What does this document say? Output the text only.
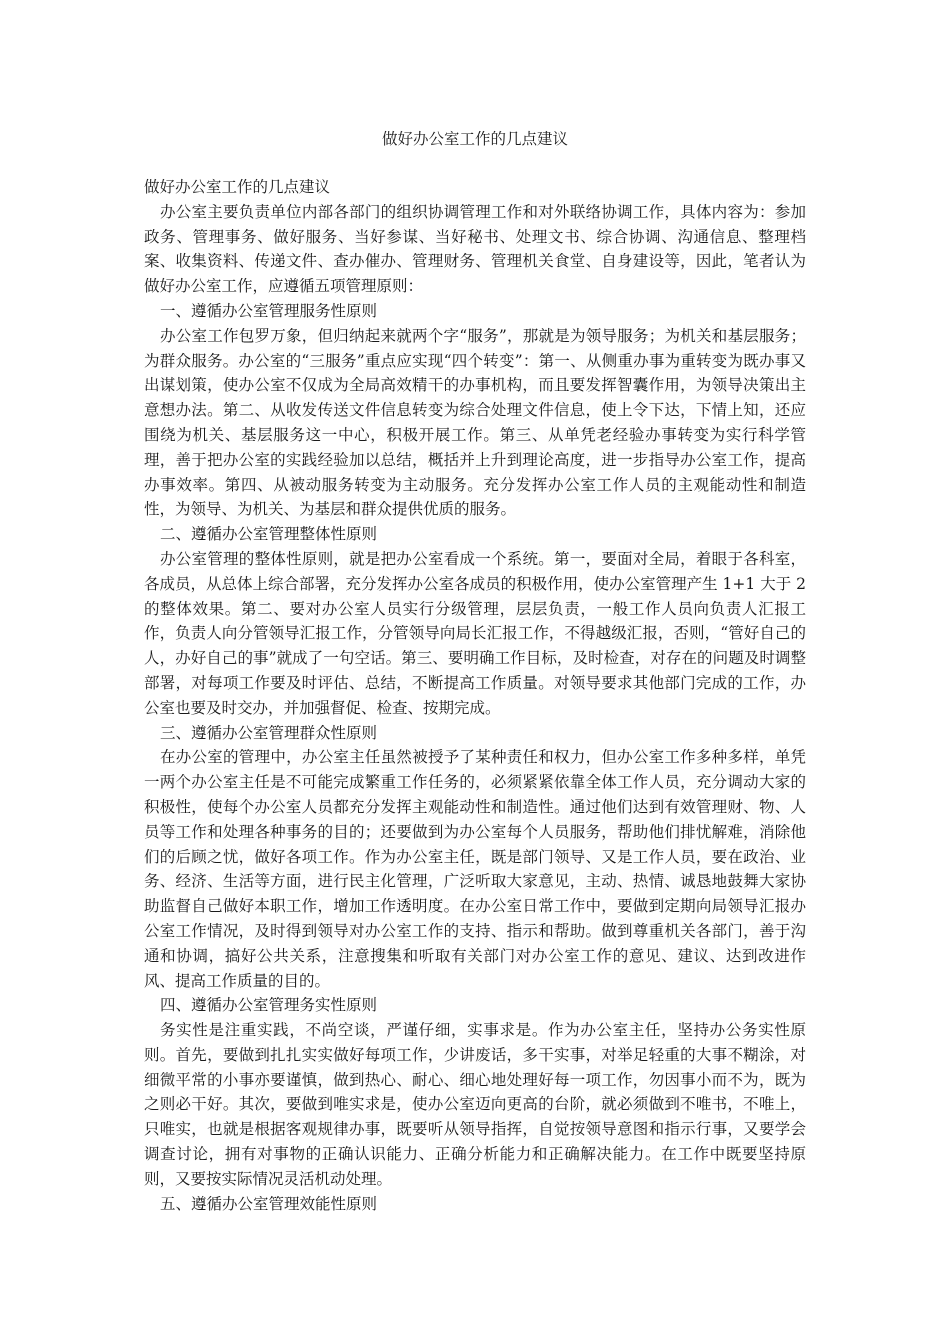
做好办公室工作的几点建议

做好办公室工作的几点建议

办公室主要负责单位内部各部门的组织协调管理工作和对外联络协调工作，具体内容为：参加政务、管理事务、做好服务、当好参谋、当好秘书、处理文书、综合协调、沟通信息、整理档案、收集资料、传递文件、查办催办、管理财务、管理机关食堂、自身建设等，因此，笔者认为做好办公室工作，应遵循五项管理原则：

一、遵循办公室管理服务性原则

办公室工作包罗万象，但归纳起来就两个字“服务”，那就是为领导服务；为机关和基层服务；为群众服务。办公室的“三服务”重点应实现“四个转变”：第一、从侧重办事为重转变为既办事又出谋划策，使办公室不仅成为全局高效精干的办事机构，而且要发挥智囊作用，为领导决策出主意想办法。第二、从收发传送文件信息转变为综合处理文件信息，使上令下达，下情上知，还应围绕为机关、基层服务这一中心，积极开展工作。第三、从单凭老经验办事转变为实行科学管理，善于把办公室的实践经验加以总结，概括并上升到理论高度，进一步指导办公室工作，提高办事效率。第四、从被动服务转变为主动服务。充分发挥办公室工作人员的主观能动性和制造性，为领导、为机关、为基层和群众提供优质的服务。

二、遵循办公室管理整体性原则

办公室管理的整体性原则，就是把办公室看成一个系统。第一，要面对全局，着眼于各科室，各成员，从总体上综合部署，充分发挥办公室各成员的积极作用，使办公室管理产生 1+1 大于 2 的整体效果。第二、要对办公室人员实行分级管理，层层负责，一般工作人员向负责人汇报工作，负责人向分管领导汇报工作，分管领导向局长汇报工作，不得越级汇报，否则，“管好自己的人，办好自己的事”就成了一句空话。第三、要明确工作目标，及时检查，对存在的问题及时调整部署，对每项工作要及时评估、总结，不断提高工作质量。对领导要求其他部门完成的工作，办公室也要及时交办，并加强督促、检查、按期完成。

三、遵循办公室管理群众性原则

在办公室的管理中，办公室主任虽然被授予了某种责任和权力，但办公室工作多种多样，单凭一两个办公室主任是不可能完成繁重工作任务的，必须紧紧依靠全体工作人员，充分调动大家的积极性，使每个办公室人员都充分发挥主观能动性和制造性。通过他们达到有效管理财、物、人员等工作和处理各种事务的目的；还要做到为办公室每个人员服务，帮助他们排忧解难，消除他们的后顾之忧，做好各项工作。作为办公室主任，既是部门领导、又是工作人员，要在政治、业务、经济、生活等方面，进行民主化管理，广泛听取大家意见，主动、热情、诚恳地鼓舞大家协助监督自己做好本职工作，增加工作透明度。在办公室日常工作中，要做到定期向局领导汇报办公室工作情况，及时得到领导对办公室工作的支持、指示和帮助。做到尊重机关各部门，善于沟通和协调，搞好公共关系，注意搜集和听取有关部门对办公室工作的意见、建议、达到改进作风、提高工作质量的目的。

四、遵循办公室管理务实性原则

务实性是注重实践，不尚空谈，严谨仔细，实事求是。作为办公室主任，坚持办公务实性原则。首先，要做到扎扎实实做好每项工作，少讲废话，多干实事，对举足轻重的大事不糊涂，对细微平常的小事亦要谨慎，做到热心、耐心、细心地处理好每一项工作，勿因事小而不为，既为之则必干好。其次，要做到唯实求是，使办公室迈向更高的台阶，就必须做到不唯书，不唯上，只唯实，也就是根据客观规律办事，既要听从领导指挥，自觉按领导意图和指示行事，又要学会调查讨论，拥有对事物的正确认识能力、正确分析能力和正确解决能力。在工作中既要坚持原则，又要按实际情况灵活机动处理。

五、遵循办公室管理效能性原则
